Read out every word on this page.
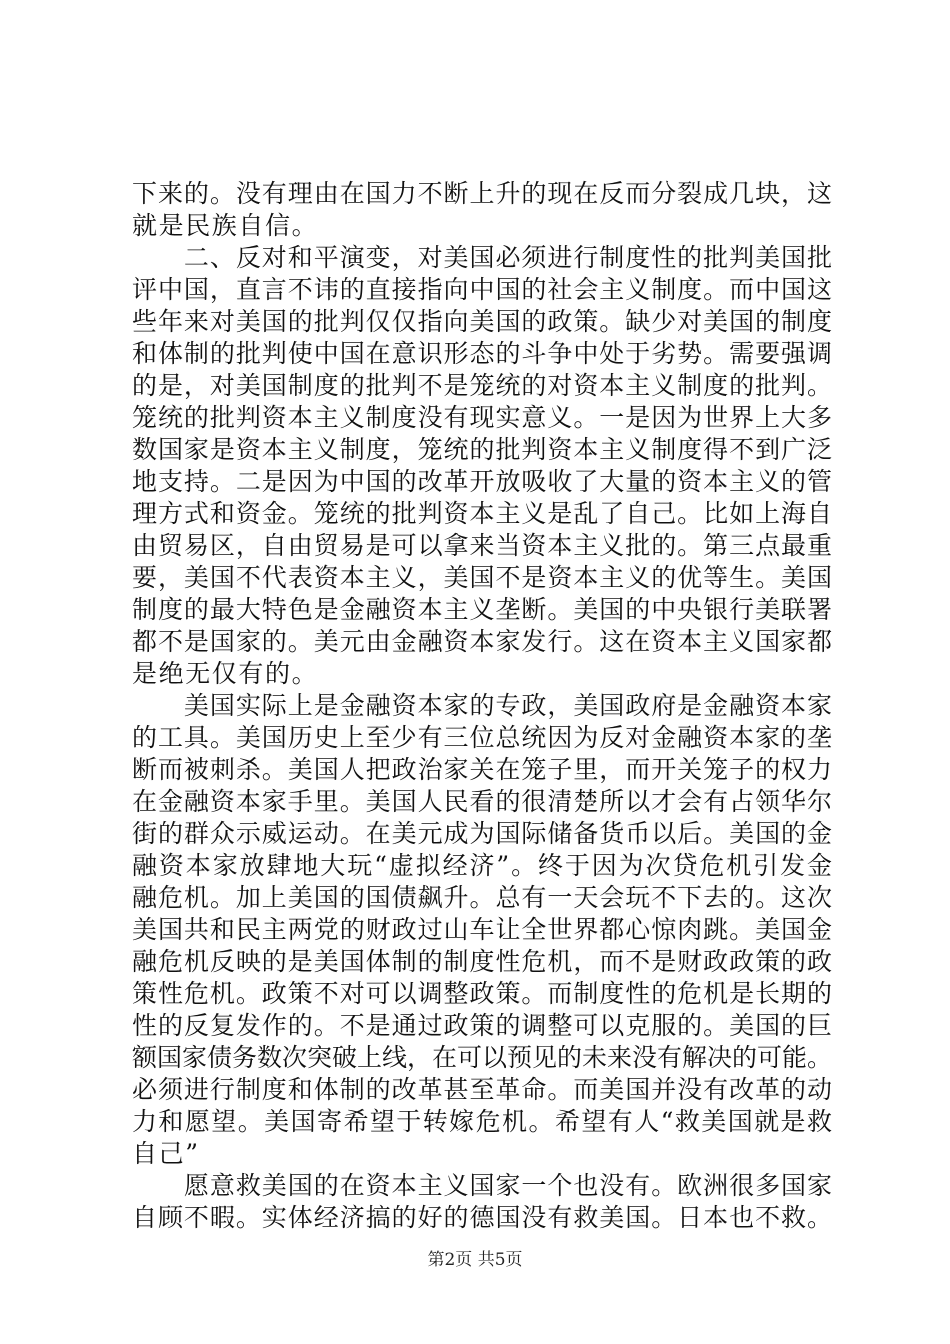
下来的。没有理由在国力不断上升的现在反而分裂成几块，这
就是民族自信。
　　二、反对和平演变，对美国必须进行制度性的批判美国批
评中国，直言不讳的直接指向中国的社会主义制度。而中国这
些年来对美国的批判仅仅指向美国的政策。缺少对美国的制度
和体制的批判使中国在意识形态的斗争中处于劣势。需要强调
的是，对美国制度的批判不是笼统的对资本主义制度的批判。
笼统的批判资本主义制度没有现实意义。一是因为世界上大多
数国家是资本主义制度，笼统的批判资本主义制度得不到广泛
地支持。二是因为中国的改革开放吸收了大量的资本主义的管
理方式和资金。笼统的批判资本主义是乱了自己。比如上海自
由贸易区，自由贸易是可以拿来当资本主义批的。第三点最重
要，美国不代表资本主义，美国不是资本主义的优等生。美国
制度的最大特色是金融资本主义垄断。美国的中央银行美联署
都不是国家的。美元由金融资本家发行。这在资本主义国家都
是绝无仅有的。
　　美国实际上是金融资本家的专政，美国政府是金融资本家
的工具。美国历史上至少有三位总统因为反对金融资本家的垄
断而被刺杀。美国人把政治家关在笼子里，而开关笼子的权力
在金融资本家手里。美国人民看的很清楚所以才会有占领华尔
街的群众示威运动。在美元成为国际储备货币以后。美国的金
融资本家放肆地大玩“虚拟经济”。终于因为次贷危机引发金
融危机。加上美国的国债飙升。总有一天会玩不下去的。这次
美国共和民主两党的财政过山车让全世界都心惊肉跳。美国金
融危机反映的是美国体制的制度性危机，而不是财政政策的政
策性危机。政策不对可以调整政策。而制度性的危机是长期的
性的反复发作的。不是通过政策的调整可以克服的。美国的巨
额国家债务数次突破上线，在可以预见的未来没有解决的可能。
必须进行制度和体制的改革甚至革命。而美国并没有改革的动
力和愿望。美国寄希望于转嫁危机。希望有人“救美国就是救
自己”
　　愿意救美国的在资本主义国家一个也没有。欧洲很多国家
自顾不暇。实体经济搞的好的德国没有救美国。日本也不救。
第2页 共5页
